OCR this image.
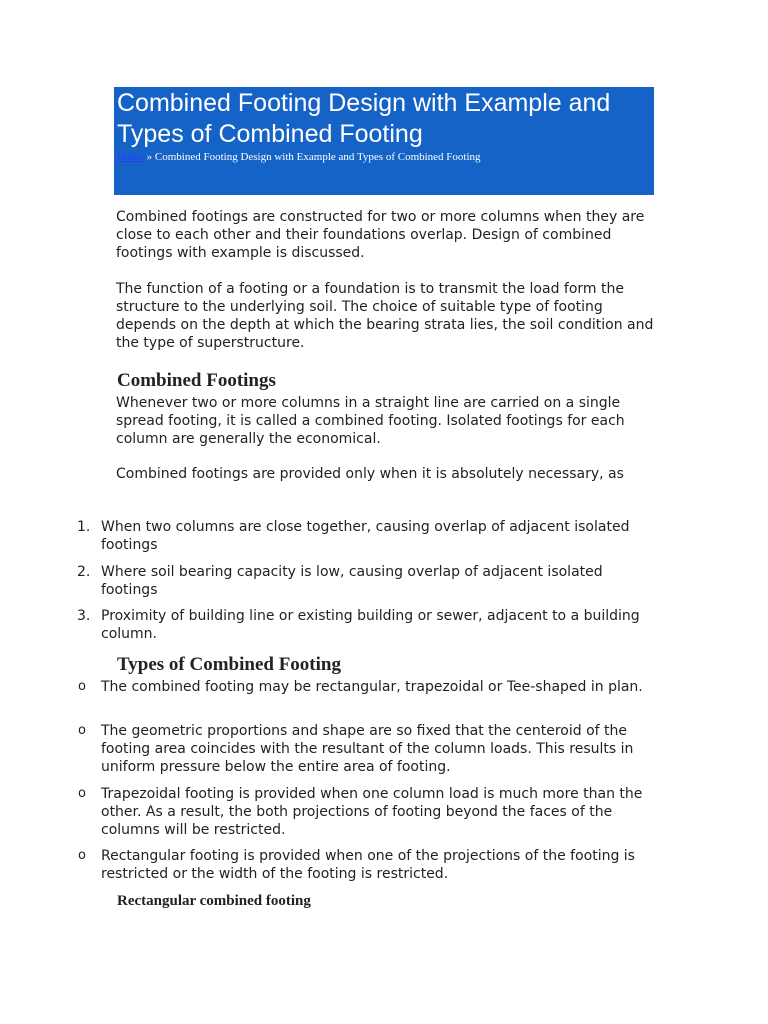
Combined Footing Design with Example and Types of Combined Footing
Home » Combined Footing Design with Example and Types of Combined Footing

Combined footings are constructed for two or more columns when they are close to each other and their foundations overlap. Design of combined footings with example is discussed.

The function of a footing or a foundation is to transmit the load form the structure to the underlying soil. The choice of suitable type of footing depends on the depth at which the bearing strata lies, the soil condition and the type of superstructure.

Combined Footings

Whenever two or more columns in a straight line are carried on a single spread footing, it is called a combined footing. Isolated footings for each column are generally the economical.

Combined footings are provided only when it is absolutely necessary, as

1. When two columns are close together, causing overlap of adjacent isolated footings
2. Where soil bearing capacity is low, causing overlap of adjacent isolated footings
3. Proximity of building line or existing building or sewer, adjacent to a building column.
Types of Combined Footing
o	The combined footing may be rectangular, trapezoidal or Tee-shaped in plan.
o	The geometric proportions and shape are so fixed that the centeroid of the footing area coincides with the resultant of the column loads. This results in uniform pressure below the entire area of footing.
o	Trapezoidal footing is provided when one column load is much more than the other. As a result, the both projections of footing beyond the faces of the columns will be restricted.
o	Rectangular footing is provided when one of the projections of the footing is restricted or the width of the footing is restricted.
Rectangular combined footing
